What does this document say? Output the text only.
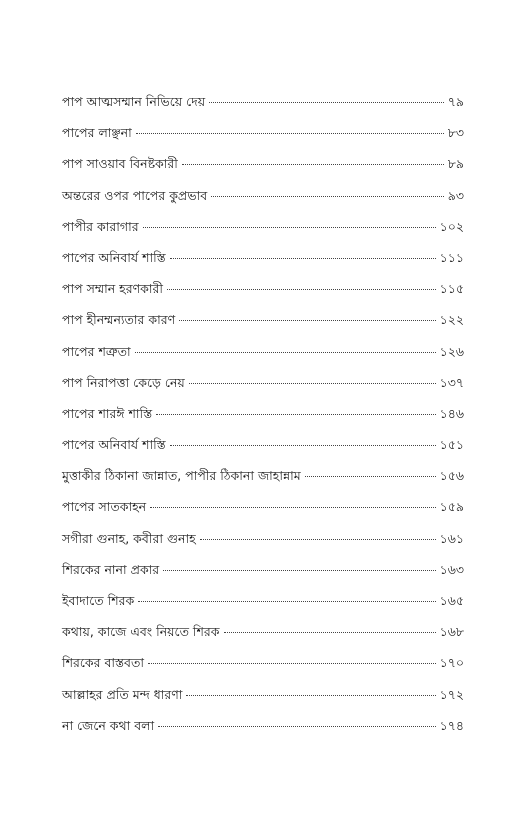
পাপ আত্মসম্মান নিভিয়ে দেয়	৭৯
পাপের লাঞ্ছনা	৮৩
পাপ সাওয়াব বিনষ্টকারী	৮৯
অন্তরের ওপর পাপের কুপ্রভাব	৯৩
পাপীর কারাগার	১০২
পাপের অনিবার্য শাস্তি	১১১
পাপ সম্মান হরণকারী	১১৫
পাপ হীনম্মন্যতার কারণ	১২২
পাপের শত্রুতা	১২৬
পাপ নিরাপত্তা কেড়ে নেয়	১৩৭
পাপের শারঈ শাস্তি	১৪৬
পাপের অনিবার্য শাস্তি	১৫১
মুত্তাকীর ঠিকানা জান্নাত, পাপীর ঠিকানা জাহান্নাম	১৫৬
পাপের সাতকাহন	১৫৯
সগীরা গুনাহ, কবীরা গুনাহ	১৬১
শিরকের নানা প্রকার	১৬৩
ইবাদাতে শিরক	১৬৫
কথায়, কাজে এবং নিয়তে শিরক	১৬৮
শিরকের বাস্তবতা	১৭০
আল্লাহর প্রতি মন্দ ধারণা	১৭২
না জেনে কথা বলা	১৭৪
